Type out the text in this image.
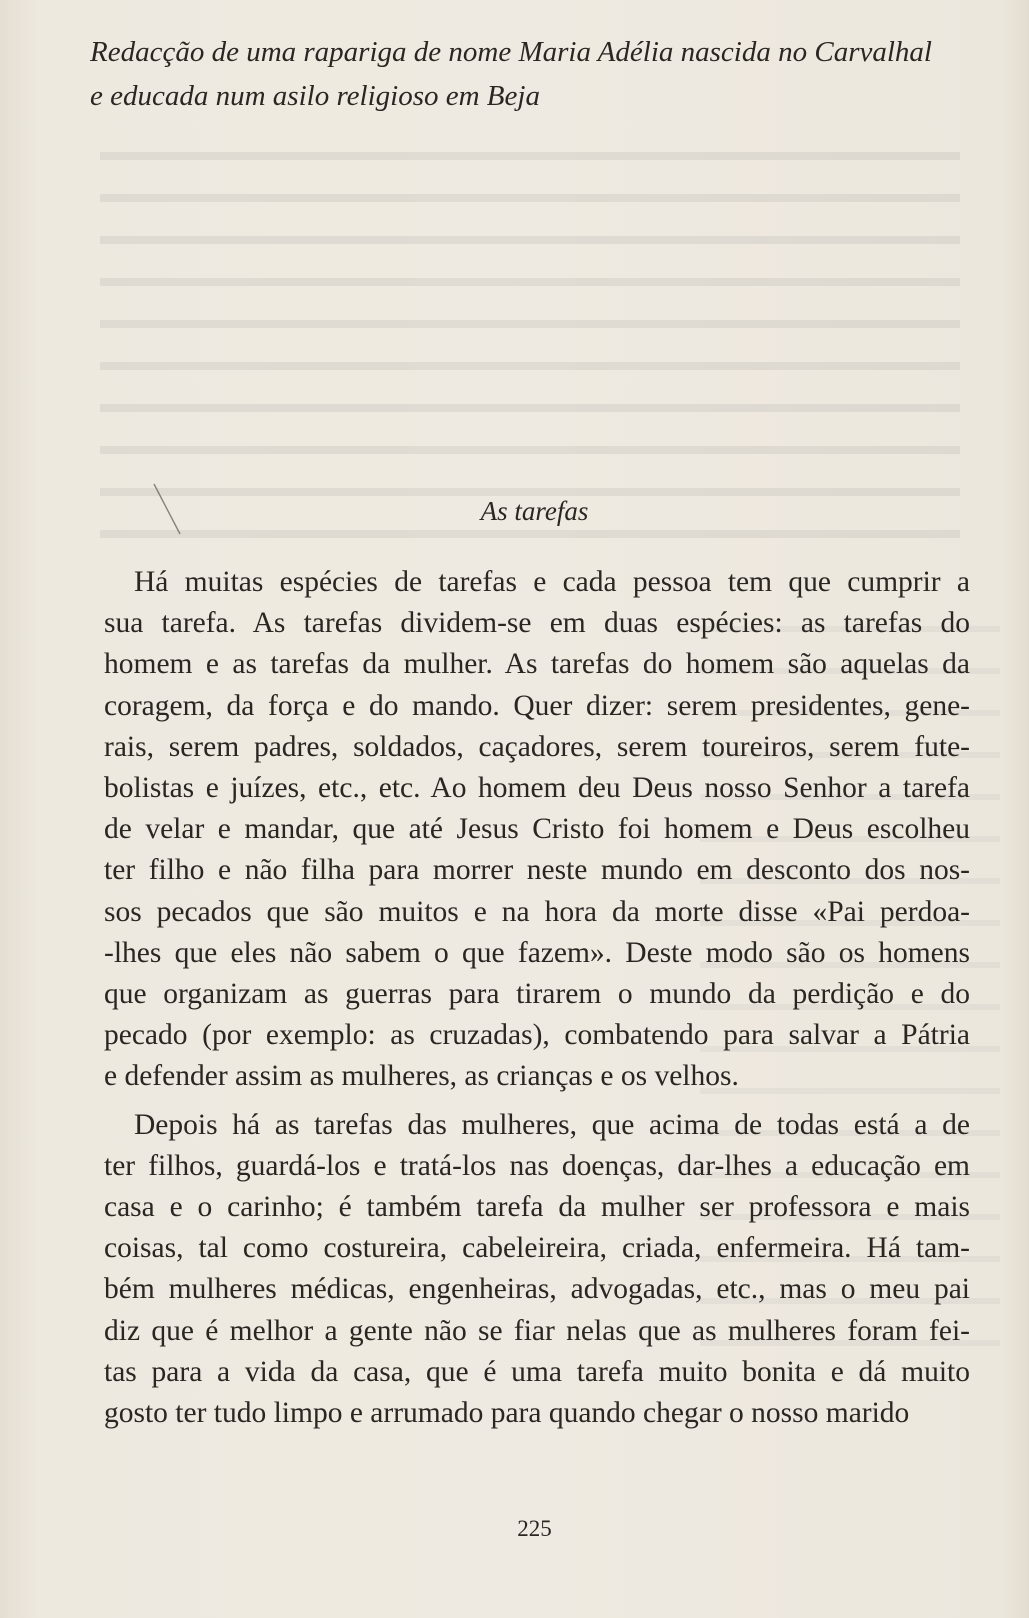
Redacção de uma rapariga de nome Maria Adélia nascida no Carvalhal
e educada num asilo religioso em Beja
As tarefas
Há muitas espécies de tarefas e cada pessoa tem que cumprir a
sua tarefa. As tarefas dividem-se em duas espécies: as tarefas do
homem e as tarefas da mulher. As tarefas do homem são aquelas da
coragem, da força e do mando. Quer dizer: serem presidentes, gene-
rais, serem padres, soldados, caçadores, serem toureiros, serem fute-
bolistas e juízes, etc., etc. Ao homem deu Deus nosso Senhor a tarefa
de velar e mandar, que até Jesus Cristo foi homem e Deus escolheu
ter filho e não filha para morrer neste mundo em desconto dos nos-
sos pecados que são muitos e na hora da morte disse «Pai perdoa-
-lhes que eles não sabem o que fazem». Deste modo são os homens
que organizam as guerras para tirarem o mundo da perdição e do
pecado (por exemplo: as cruzadas), combatendo para salvar a Pátria
e defender assim as mulheres, as crianças e os velhos.
Depois há as tarefas das mulheres, que acima de todas está a de
ter filhos, guardá-los e tratá-los nas doenças, dar-lhes a educação em
casa e o carinho; é também tarefa da mulher ser professora e mais
coisas, tal como costureira, cabeleireira, criada, enfermeira. Há tam-
bém mulheres médicas, engenheiras, advogadas, etc., mas o meu pai
diz que é melhor a gente não se fiar nelas que as mulheres foram fei-
tas para a vida da casa, que é uma tarefa muito bonita e dá muito
gosto ter tudo limpo e arrumado para quando chegar o nosso marido
225
